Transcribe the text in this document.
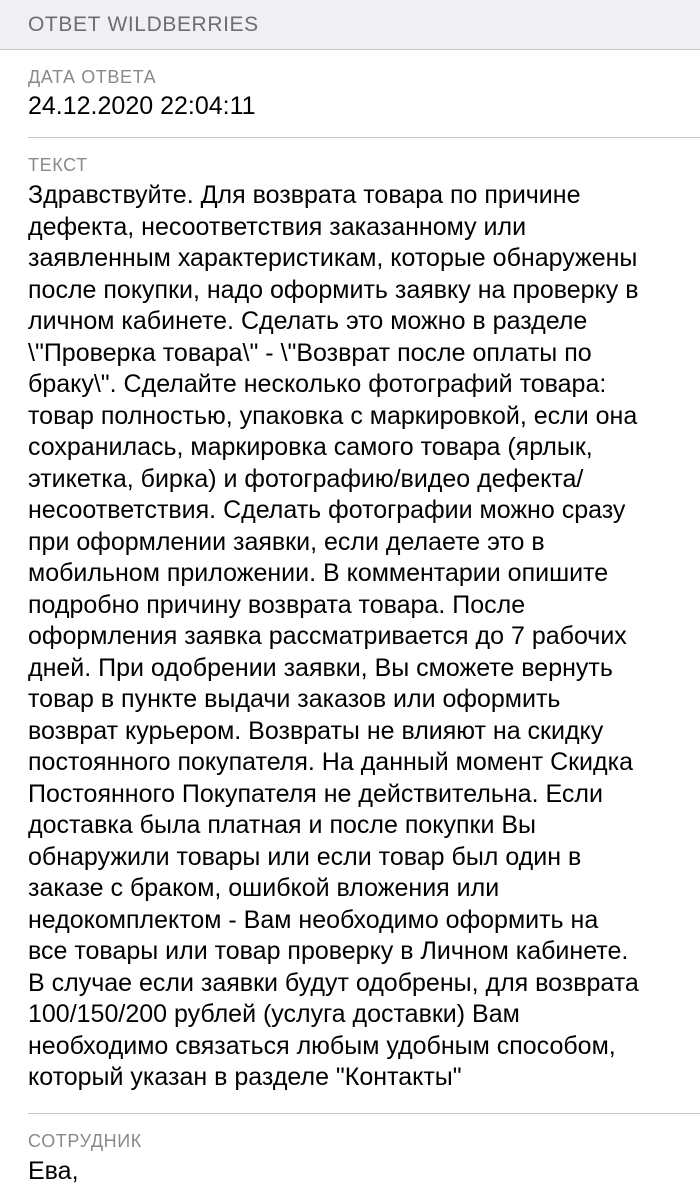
ОТВЕТ WILDBERRIES
ДАТА ОТВЕТА
24.12.2020 22:04:11
ТЕКСТ
Здравствуйте. Для возврата товара по причине
дефекта, несоответствия заказанному или
заявленным характеристикам, которые обнаружены
после покупки, надо оформить заявку на проверку в
личном кабинете. Сделать это можно в разделе
\"Проверка товара\" - \"Возврат после оплаты по
браку\". Сделайте несколько фотографий товара:
товар полностью, упаковка с маркировкой, если она
сохранилась, маркировка самого товара (ярлык,
этикетка, бирка) и фотографию/видео дефекта/
несоответствия. Сделать фотографии можно сразу
при оформлении заявки, если делаете это в
мобильном приложении. В комментарии опишите
подробно причину возврата товара. После
оформления заявка рассматривается до 7 рабочих
дней. При одобрении заявки, Вы сможете вернуть
товар в пункте выдачи заказов или оформить
возврат курьером. Возвраты не влияют на скидку
постоянного покупателя. На данный момент Скидка
Постоянного Покупателя не действительна. Если
доставка была платная и после покупки Вы
обнаружили товары или если товар был один в
заказе с браком, ошибкой вложения или
недокомплектом - Вам необходимо оформить на
все товары или товар проверку в Личном кабинете.
В случае если заявки будут одобрены, для возврата
100/150/200 рублей (услуга доставки) Вам
необходимо связаться любым удобным способом,
который указан в разделе "Контакты"
СОТРУДНИК
Ева,
